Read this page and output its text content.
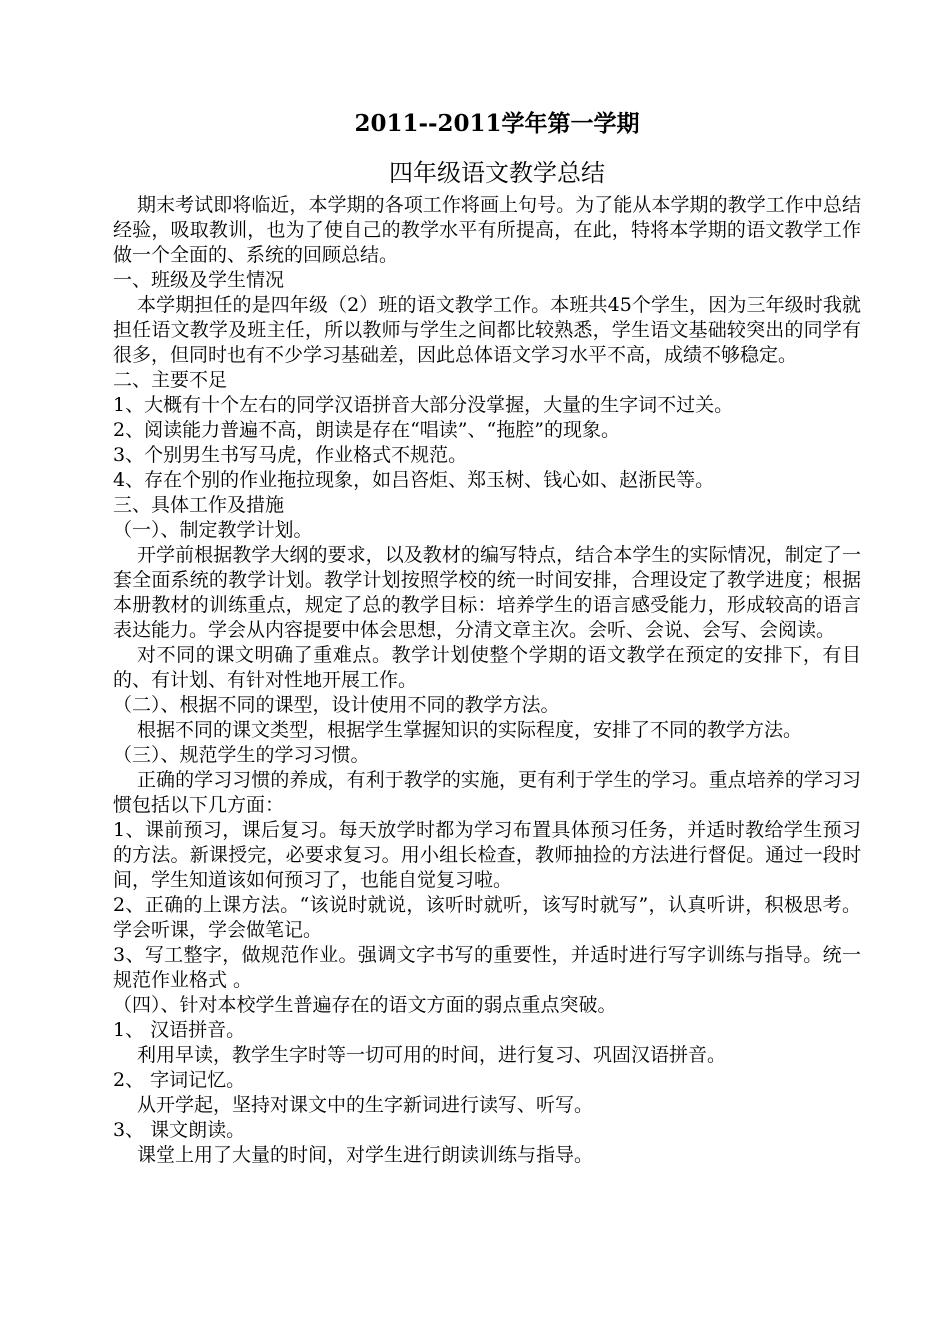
2011--2011学年第一学期
四年级语文教学总结

期末考试即将临近，本学期的各项工作将画上句号。为了能从本学期的教学工作中总结经验，吸取教训，也为了使自己的教学水平有所提高，在此，特将本学期的语文教学工作做一个全面的、系统的回顾总结。

一、班级及学生情况

本学期担任的是四年级（2）班的语文教学工作。本班共45个学生，因为三年级时我就担任语文教学及班主任，所以教师与学生之间都比较熟悉，学生语文基础较突出的同学有很多，但同时也有不少学习基础差，因此总体语文学习水平不高，成绩不够稳定。

二、主要不足

1、大概有十个左右的同学汉语拼音大部分没掌握，大量的生字词不过关。

2、阅读能力普遍不高，朗读是存在“唱读”、“拖腔”的现象。

3、个别男生书写马虎，作业格式不规范。

4、存在个别的作业拖拉现象，如吕咨炬、郑玉树、钱心如、赵浙民等。

三、具体工作及措施

（一）、制定教学计划。

开学前根据教学大纲的要求，以及教材的编写特点，结合本学生的实际情况，制定了一套全面系统的教学计划。教学计划按照学校的统一时间安排，合理设定了教学进度；根据本册教材的训练重点，规定了总的教学目标：培养学生的语言感受能力，形成较高的语言表达能力。学会从内容提要中体会思想，分清文章主次。会听、会说、会写、会阅读。

对不同的课文明确了重难点。教学计划使整个学期的语文教学在预定的安排下，有目的、有计划、有针对性地开展工作。

（二）、根据不同的课型，设计使用不同的教学方法。

根据不同的课文类型，根据学生掌握知识的实际程度，安排了不同的教学方法。

（三）、规范学生的学习习惯。

正确的学习习惯的养成，有利于教学的实施，更有利于学生的学习。重点培养的学习习惯包括以下几方面：

1、课前预习，课后复习。每天放学时都为学习布置具体预习任务，并适时教给学生预习的方法。新课授完，必要求复习。用小组长检查，教师抽捡的方法进行督促。通过一段时间，学生知道该如何预习了，也能自觉复习啦。

2、正确的上课方法。“该说时就说，该听时就听，该写时就写”，认真听讲，积极思考。学会听课，学会做笔记。

3、写工整字，做规范作业。强调文字书写的重要性，并适时进行写字训练与指导。统一规范作业格式 。

（四）、针对本校学生普遍存在的语文方面的弱点重点突破。

1、 汉语拼音。

利用早读，教学生字时等一切可用的时间，进行复习、巩固汉语拼音。

2、 字词记忆。

从开学起，坚持对课文中的生字新词进行读写、听写。

3、 课文朗读。

课堂上用了大量的时间，对学生进行朗读训练与指导。
